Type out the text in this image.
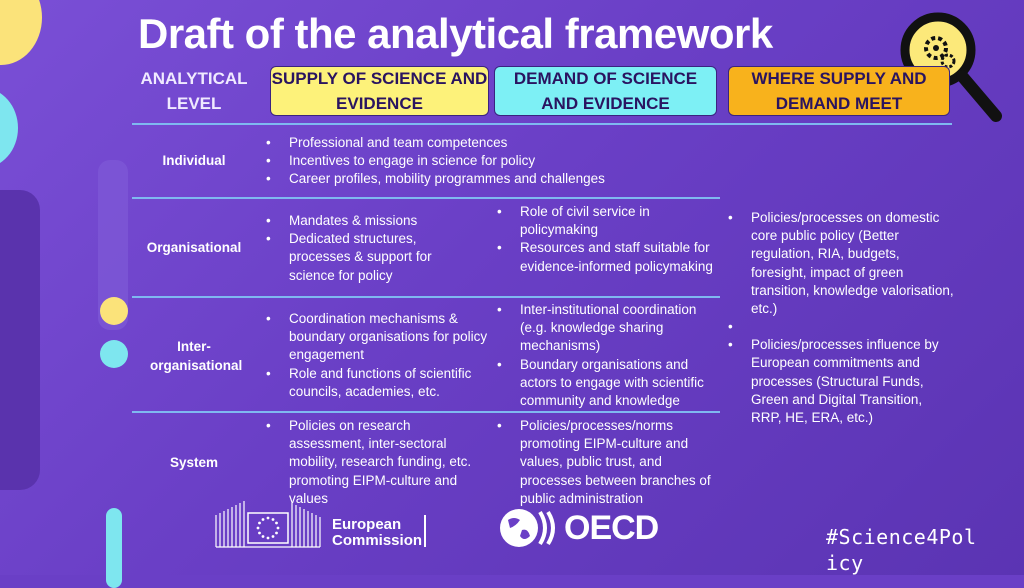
Draft of the analytical framework
ANALYTICAL LEVEL
SUPPLY OF SCIENCE AND EVIDENCE
DEMAND OF SCIENCE AND EVIDENCE
WHERE SUPPLY AND DEMAND MEET
Individual
Organisational
Inter-organisational
System
• Professional and team competences
• Incentives to engage in science for policy
• Career profiles, mobility programmes and challenges
• Mandates & missions
• Dedicated structures, processes & support for science for policy
• Coordination mechanisms & boundary organisations for policy engagement
• Role and functions of scientific councils, academies, etc.
• Policies on research assessment, inter-sectoral mobility, research funding, etc. promoting EIPM-culture and values
• Role of civil service in policymaking
• Resources and staff suitable for evidence-informed policymaking
• Inter-institutional coordination (e.g. knowledge sharing mechanisms)
• Boundary organisations and actors to engage with scientific community and knowledge
• Policies/processes/norms promoting EIPM-culture and values, public trust, and processes between branches of public administration
• Policies/processes on domestic core public policy (Better regulation, RIA, budgets, foresight, impact of green transition, knowledge valorisation, etc.)
•
• Policies/processes influence by European commitments and processes (Structural Funds, Green and Digital Transition, RRP, HE, ERA, etc.)
European
Commission	OECD	#Science4Policy
